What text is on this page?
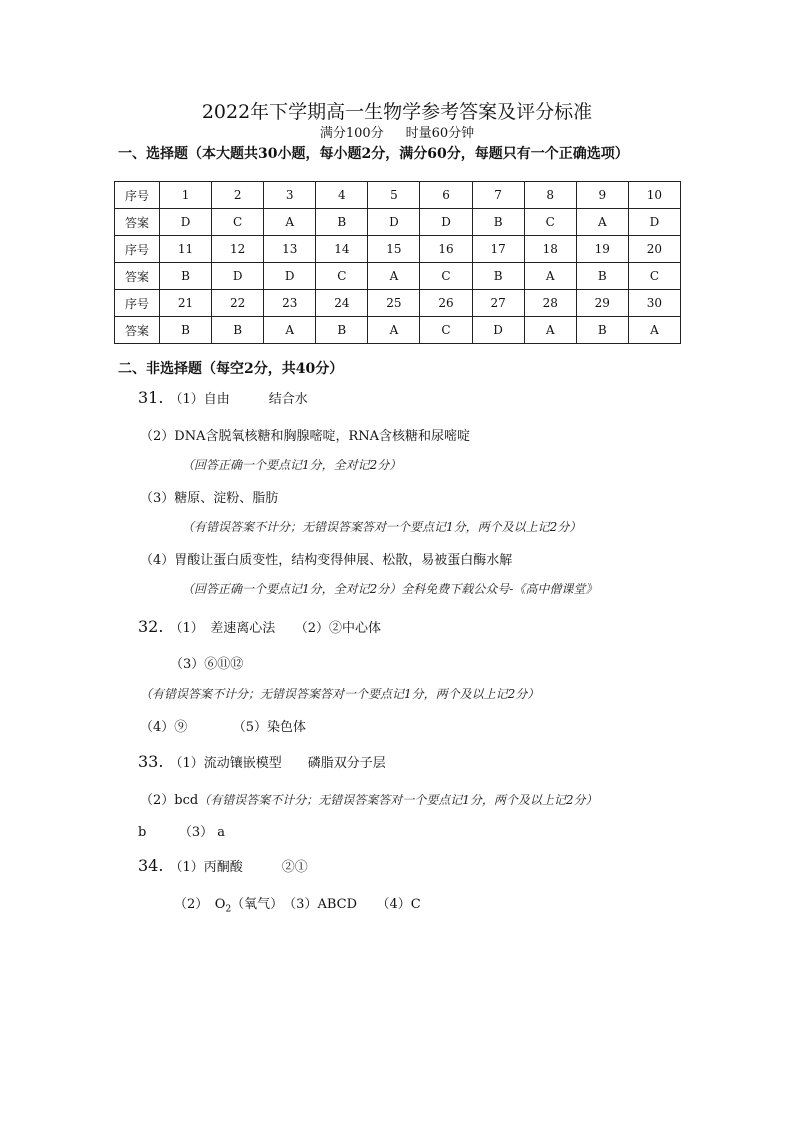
2022年下学期高一生物学参考答案及评分标准
满分100分 时量60分钟
一、选择题（本大题共30小题，每小题2分，满分60分，每题只有一个正确选项）
序号	1	2	3	4	5	6	7	8	9	10
答案	D	C	A	B	D	D	B	C	A	D
序号	11	12	13	14	15	16	17	18	19	20
答案	B	D	D	C	A	C	B	A	B	C
序号	21	22	23	24	25	26	27	28	29	30
答案	B	B	A	B	A	C	D	A	B	A
二、非选择题（每空2分，共40分）
31. （1）自由　　　结合水
（2）DNA含脱氧核糖和胸腺嘧啶，RNA含核糖和尿嘧啶
（回答正确一个要点记1分，全对记2分）
（3）糖原、淀粉、脂肪
（有错误答案不计分；无错误答案答对一个要点记1分，两个及以上记2分）
（4）胃酸让蛋白质变性，结构变得伸展、松散，易被蛋白酶水解
（回答正确一个要点记1分，全对记2分）全科免费下载公众号-《高中僧课堂》
32. （1）　差速离心法　　（2）②中心体
（3）⑥⑪⑫
（有错误答案不计分；无错误答案答对一个要点记1分，两个及以上记2分）
（4）⑨　　　　（5）染色体
33. （1）流动镶嵌模型　　磷脂双分子层
（2）bcd（有错误答案不计分；无错误答案答对一个要点记1分，两个及以上记2分）
b　　　（3） a
34. （1）丙酮酸　　　②①
（2）　$O_2$（氧气）　（3）ABCD　　（4）C
